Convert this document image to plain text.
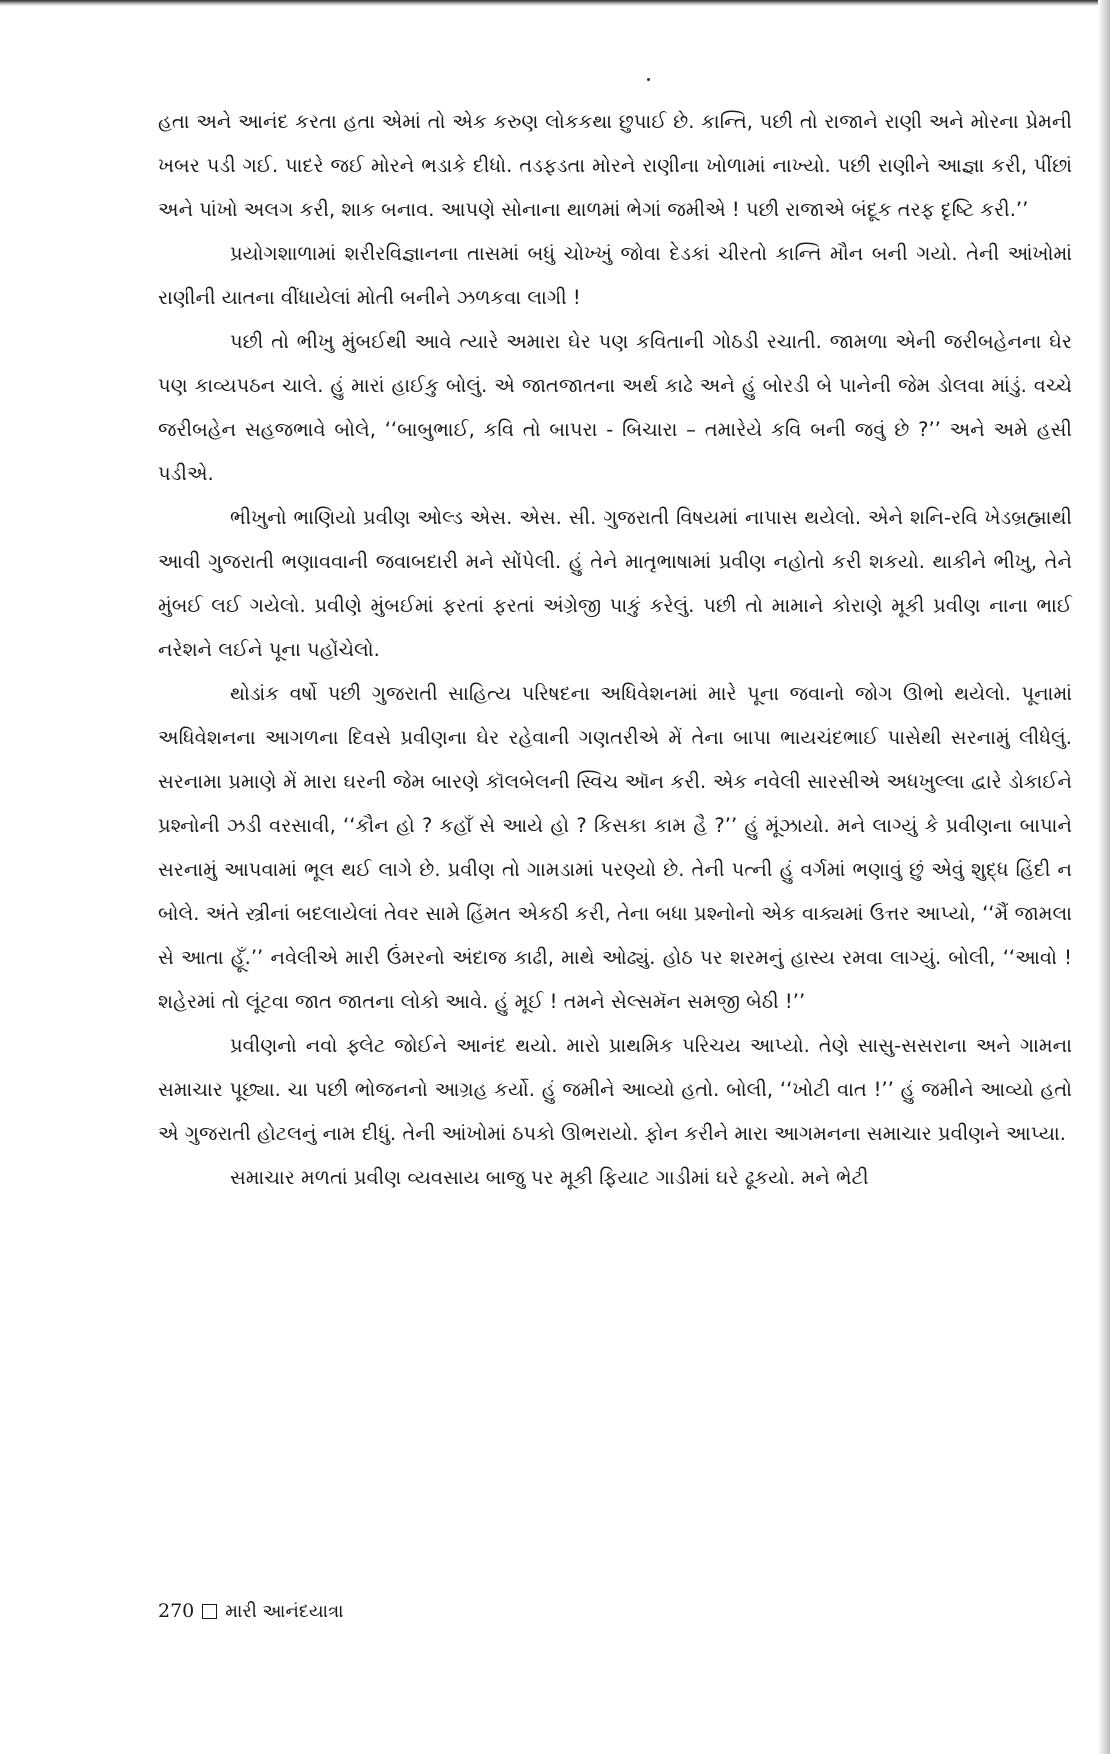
હતા અને આનંદ કરતા હતા એમાં તો એક કરુણ લોકકથા છુપાઈ છે. કાન્તિ, પછી તો રાજાને રાણી અને મોરના પ્રેમની ખબર પડી ગઈ. પાદરે જઈ મોરને ભડાકે દીધો. તડફડતા મોરને રાણીના ખોળામાં નાખ્યો. પછી રાણીને આજ્ઞા કરી, પીંછાં અને પાંખો અલગ કરી, શાક બનાવ. આપણે સોનાના થાળમાં ભેગાં જમીએ ! પછી રાજાએ બંદૂક તરફ દૃષ્ટિ કરી.’’

પ્રયોગશાળામાં શરીરવિજ્ઞાનના તાસમાં બધું ચોખ્ખું જોવા દેડકાં ચીરતો કાન્તિ મૌન બની ગયો. તેની આંખોમાં રાણીની યાતના વીંધાયેલાં મોતી બનીને ઝળકવા લાગી !

પછી તો ભીખુ મુંબઈથી આવે ત્યારે અમારા ઘેર પણ કવિતાની ગોઠડી રચાતી. જામળા એની જરીબહેનના ઘેર પણ કાવ્યપઠન ચાલે. હું મારાં હાઈકુ બોલું. એ જાતજાતના અર્થ કાઢે અને હું બોરડી બે પાનેની જેમ ડોલવા માંડું. વચ્ચે જરીબહેન સહજભાવે બોલે, ‘‘બાબુભાઈ, કવિ તો બાપરા - બિચારા – તમારેયે કવિ બની જવું છે ?’’ અને અમે હસી પડીએ.

ભીખુનો ભાણિયો પ્રવીણ ઓલ્ડ એસ. એસ. સી. ગુજરાતી વિષયમાં નાપાસ થયેલો. એને શનિ-રવિ ખેડબ્રહ્માથી આવી ગુજરાતી ભણાવવાની જવાબદારી મને સોંપેલી. હું તેને માતૃભાષામાં પ્રવીણ નહોતો કરી શકયો. થાકીને ભીખુ, તેને મુંબઈ લઈ ગયેલો. પ્રવીણે મુંબઈમાં ફરતાં ફરતાં અંગ્રેજી પાકું કરેલું. પછી તો મામાને કોરાણે મૂકી પ્રવીણ નાના ભાઈ નરેશને લઈને પૂના પહોંચેલો.

થોડાંક વર્ષો પછી ગુજરાતી સાહિત્ય પરિષદના અધિવેશનમાં મારે પૂના જવાનો જોગ ઊભો થયેલો. પૂનામાં અધિવેશનના આગળના દિવસે પ્રવીણના ઘેર રહેવાની ગણતરીએ મેં તેના બાપા ભાયચંદભાઈ પાસેથી સરનામું લીધેલું. સરનામા પ્રમાણે મેં મારા ઘરની જેમ બારણે કૉલબેલની સ્વિચ ઑન કરી. એક નવેલી સારસીએ અધખુલ્લા દ્વારે ડોકાઈને પ્રશ્નોની ઝડી વરસાવી, ‘‘કૌન હો ? કહાઁ સે આયે હો ? કિસકા કામ હૈ ?’’ હું મૂંઝાયો. મને લાગ્યું કે પ્રવીણના બાપાને સરનામું આપવામાં ભૂલ થઈ લાગે છે. પ્રવીણ તો ગામડામાં પરણ્યો છે. તેની પત્ની હું વર્ગમાં ભણાવું છું એવું શુદ્ધ હિંદી ન બોલે. અંતે સ્ત્રીનાં બદલાયેલાં તેવર સામે હિંમત એકઠી કરી, તેના બધા પ્રશ્નોનો એક વાક્યમાં ઉત્તર આપ્યો, ‘‘મૈં જામલા સે આતા હૂઁ.’’ નવેલીએ મારી ઉંમરનો અંદાજ કાઢી, માથે ઓઢ્યું. હોઠ પર શરમનું હાસ્ય રમવા લાગ્યું. બોલી, ‘‘આવો ! શહેરમાં તો લૂંટવા જાત જાતના લોકો આવે. હું મૂઈ ! તમને સેલ્સમૅન સમજી બેઠી !’’

પ્રવીણનો નવો ફ્લેટ જોઈને આનંદ થયો. મારો પ્રાથમિક પરિચય આપ્યો. તેણે સાસુ-સસરાના અને ગામના સમાચાર પૂછ્યા. ચા પછી ભોજનનો આગ્રહ કર્યો. હું જમીને આવ્યો હતો. બોલી, ‘‘ખોટી વાત !’’ હું જમીને આવ્યો હતો એ ગુજરાતી હોટલનું નામ દીધું. તેની આંખોમાં ઠપકો ઊભરાયો. ફોન કરીને મારા આગમનના સમાચાર પ્રવીણને આપ્યા.

સમાચાર મળતાં પ્રવીણ વ્યવસાય બાજુ પર મૂકી ફિયાટ ગાડીમાં ઘરે ઢૂકયો. મને ભેટી

270 મારી આનંદયાત્રા
